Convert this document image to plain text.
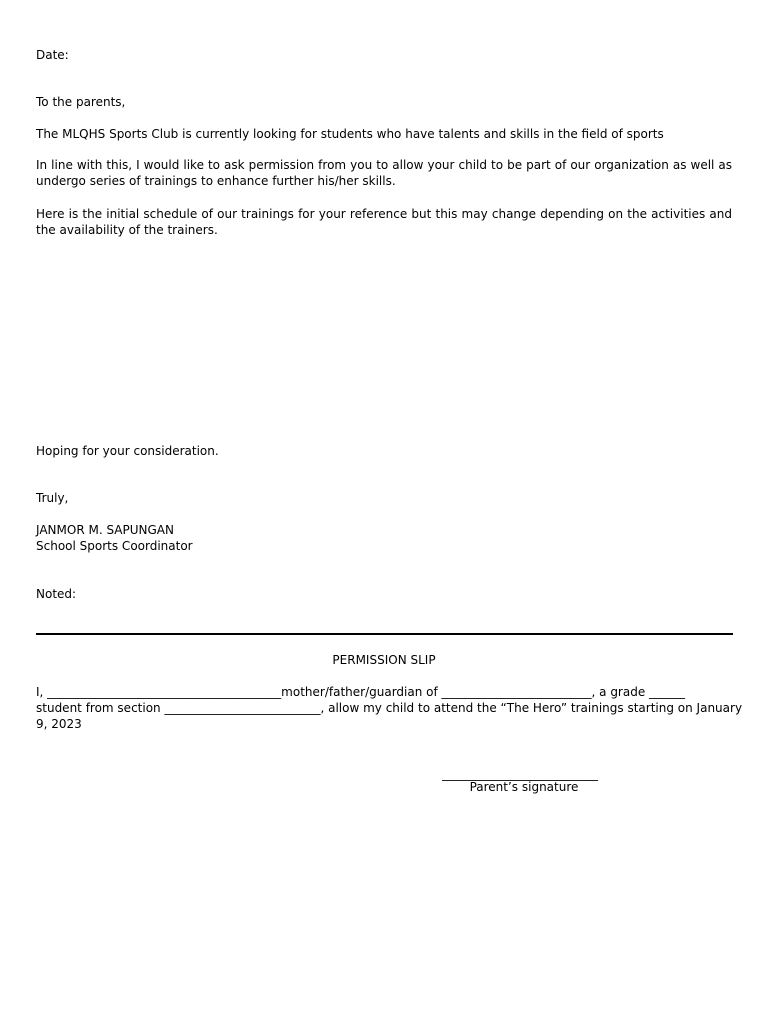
Date:
To the parents,
The MLQHS Sports Club is currently looking for students who have talents and skills in the field of sports
In line with this, I would like to ask permission from you to allow your child to be part of our organization as well as undergo series of trainings to enhance further his/her skills.
Here is the initial schedule of our trainings for your reference but this may change depending on the activities and the availability of the trainers.
Hoping for your consideration.
Truly,
JANMOR M. SAPUNGAN
School Sports Coordinator
Noted:
PERMISSION SLIP
I, _______________________________________mother/father/guardian of _________________________, a grade ______
student from section __________________________, allow my child to attend the “The Hero” trainings starting on January
9, 2023
__________________________
Parent’s signature
